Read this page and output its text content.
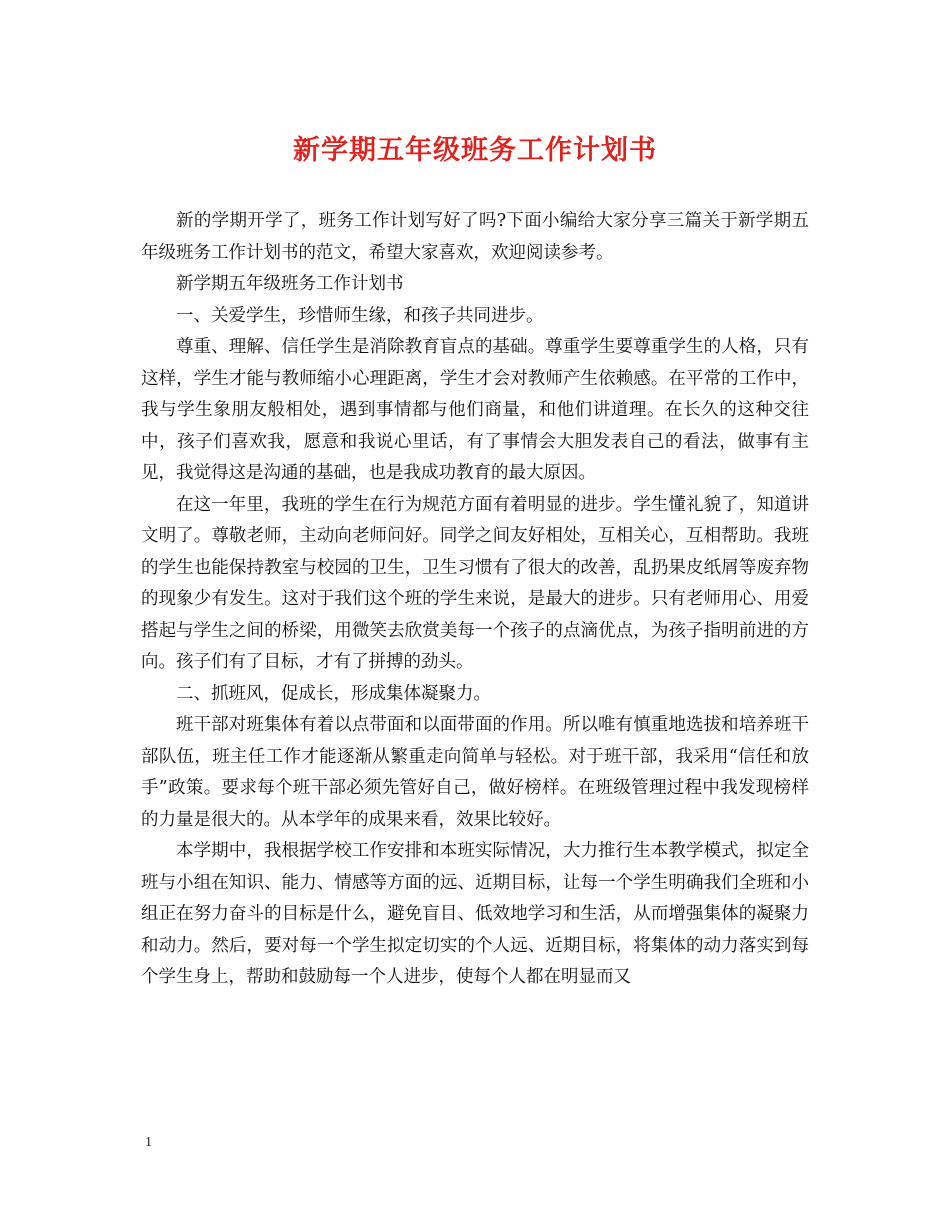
新学期五年级班务工作计划书

新的学期开学了，班务工作计划写好了吗?下面小编给大家分享三篇关于新学期五年级班务工作计划书的范文，希望大家喜欢，欢迎阅读参考。

新学期五年级班务工作计划书

一、关爱学生，珍惜师生缘，和孩子共同进步。

尊重、理解、信任学生是消除教育盲点的基础。尊重学生要尊重学生的人格，只有这样，学生才能与教师缩小心理距离，学生才会对教师产生依赖感。在平常的工作中，我与学生象朋友般相处，遇到事情都与他们商量，和他们讲道理。在长久的这种交往中，孩子们喜欢我，愿意和我说心里话，有了事情会大胆发表自己的看法，做事有主见，我觉得这是沟通的基础，也是我成功教育的最大原因。

在这一年里，我班的学生在行为规范方面有着明显的进步。学生懂礼貌了，知道讲文明了。尊敬老师，主动向老师问好。同学之间友好相处，互相关心，互相帮助。我班的学生也能保持教室与校园的卫生，卫生习惯有了很大的改善，乱扔果皮纸屑等废弃物的现象少有发生。这对于我们这个班的学生来说，是最大的进步。只有老师用心、用爱搭起与学生之间的桥梁，用微笑去欣赏美每一个孩子的点滴优点，为孩子指明前进的方向。孩子们有了目标，才有了拼搏的劲头。

二、抓班风，促成长，形成集体凝聚力。

班干部对班集体有着以点带面和以面带面的作用。所以唯有慎重地选拔和培养班干部队伍，班主任工作才能逐渐从繁重走向简单与轻松。对于班干部，我采用“信任和放手”政策。要求每个班干部必须先管好自己，做好榜样。在班级管理过程中我发现榜样的力量是很大的。从本学年的成果来看，效果比较好。

本学期中，我根据学校工作安排和本班实际情况，大力推行生本教学模式，拟定全班与小组在知识、能力、情感等方面的远、近期目标，让每一个学生明确我们全班和小组正在努力奋斗的目标是什么，避免盲目、低效地学习和生活，从而增强集体的凝聚力和动力。然后，要对每一个学生拟定切实的个人远、近期目标，将集体的动力落实到每个学生身上，帮助和鼓励每一个人进步，使每个人都在明显而又

1
